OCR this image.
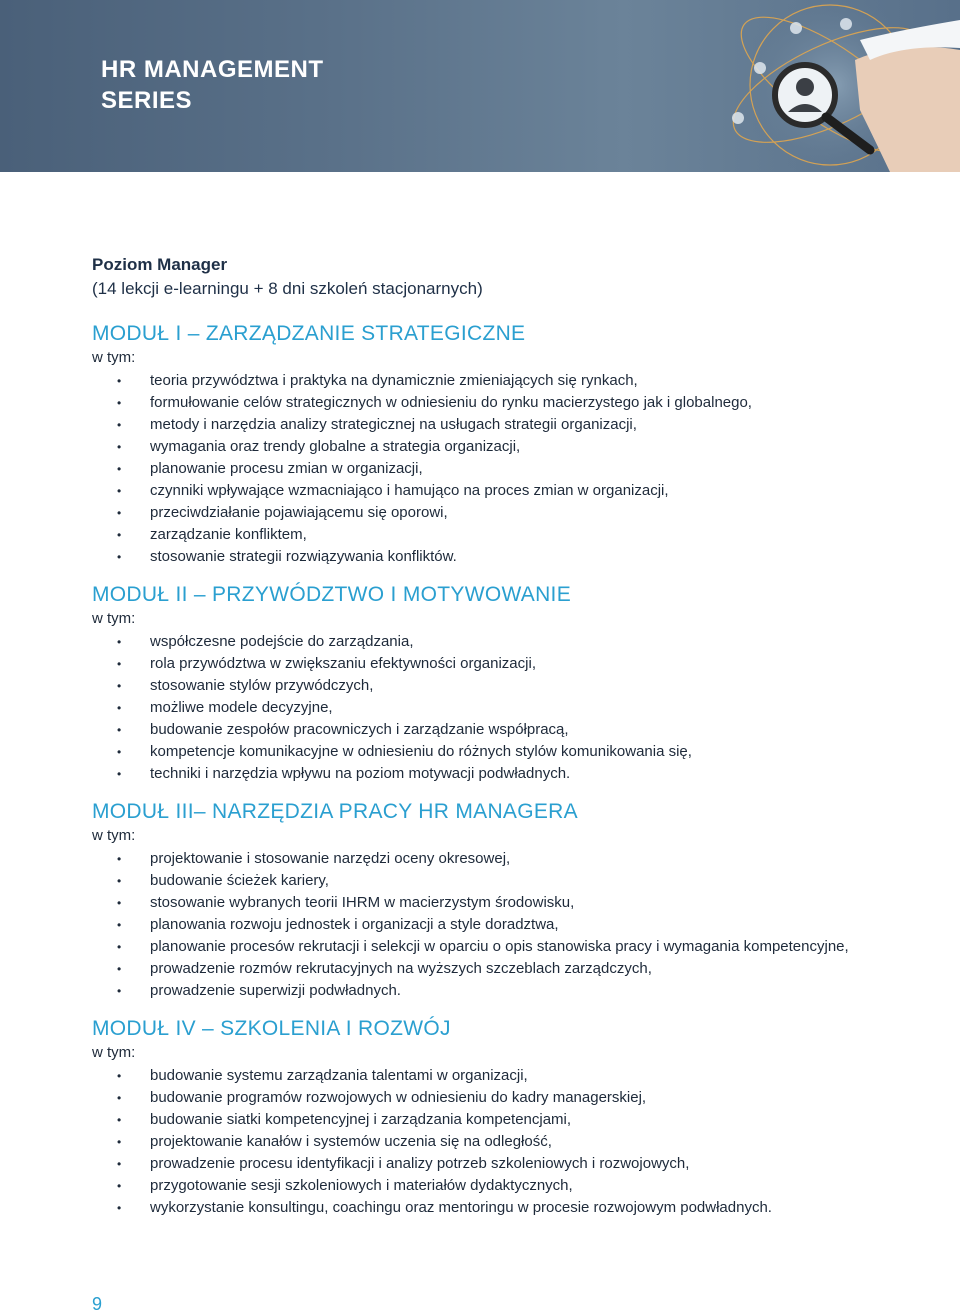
HR MANAGEMENT
SERIES

Poziom Manager

(14 lekcji e-learningu + 8 dni szkoleń stacjonarnych)

MODUŁ I – ZARZĄDZANIE STRATEGICZNE

w tym:

• teoria przywództwa i praktyka na dynamicznie zmieniających się rynkach,
• formułowanie celów strategicznych w odniesieniu do rynku macierzystego jak i globalnego,
• metody i narzędzia analizy strategicznej na usługach strategii organizacji,
• wymagania oraz trendy globalne a strategia organizacji,
• planowanie procesu zmian w organizacji,
• czynniki wpływające wzmacniająco i hamująco na proces zmian w organizacji,
• przeciwdziałanie pojawiającemu się oporowi,
• zarządzanie konfliktem,
• stosowanie strategii rozwiązywania konfliktów.
MODUŁ II – PRZYWÓDZTWO I MOTYWOWANIE

w tym:

• współczesne podejście do zarządzania,
• rola przywództwa w zwiększaniu efektywności organizacji,
• stosowanie stylów przywódczych,
• możliwe modele decyzyjne,
• budowanie zespołów pracowniczych i zarządzanie współpracą,
• kompetencje komunikacyjne w odniesieniu do różnych stylów komunikowania się,
• techniki i narzędzia wpływu na poziom motywacji podwładnych.
MODUŁ III– NARZĘDZIA PRACY HR MANAGERA

w tym:

• projektowanie i stosowanie narzędzi oceny okresowej,
• budowanie ścieżek kariery,
• stosowanie wybranych teorii IHRM w macierzystym środowisku,
• planowania rozwoju jednostek i organizacji a style doradztwa,
• planowanie procesów rekrutacji i selekcji w oparciu o opis stanowiska pracy i wymagania kompetencyjne,
• prowadzenie rozmów rekrutacyjnych na wyższych szczeblach zarządczych,
• prowadzenie superwizji podwładnych.
MODUŁ IV – SZKOLENIA I ROZWÓJ

w tym:

• budowanie systemu zarządzania talentami w organizacji,
• budowanie programów rozwojowych w odniesieniu do kadry managerskiej,
• budowanie siatki kompetencyjnej i zarządzania kompetencjami,
• projektowanie kanałów i systemów uczenia się na odległość,
• prowadzenie procesu identyfikacji i analizy potrzeb szkoleniowych i rozwojowych,
• przygotowanie sesji szkoleniowych i materiałów dydaktycznych,
• wykorzystanie konsultingu, coachingu oraz mentoringu w procesie rozwojowym podwładnych.
9
